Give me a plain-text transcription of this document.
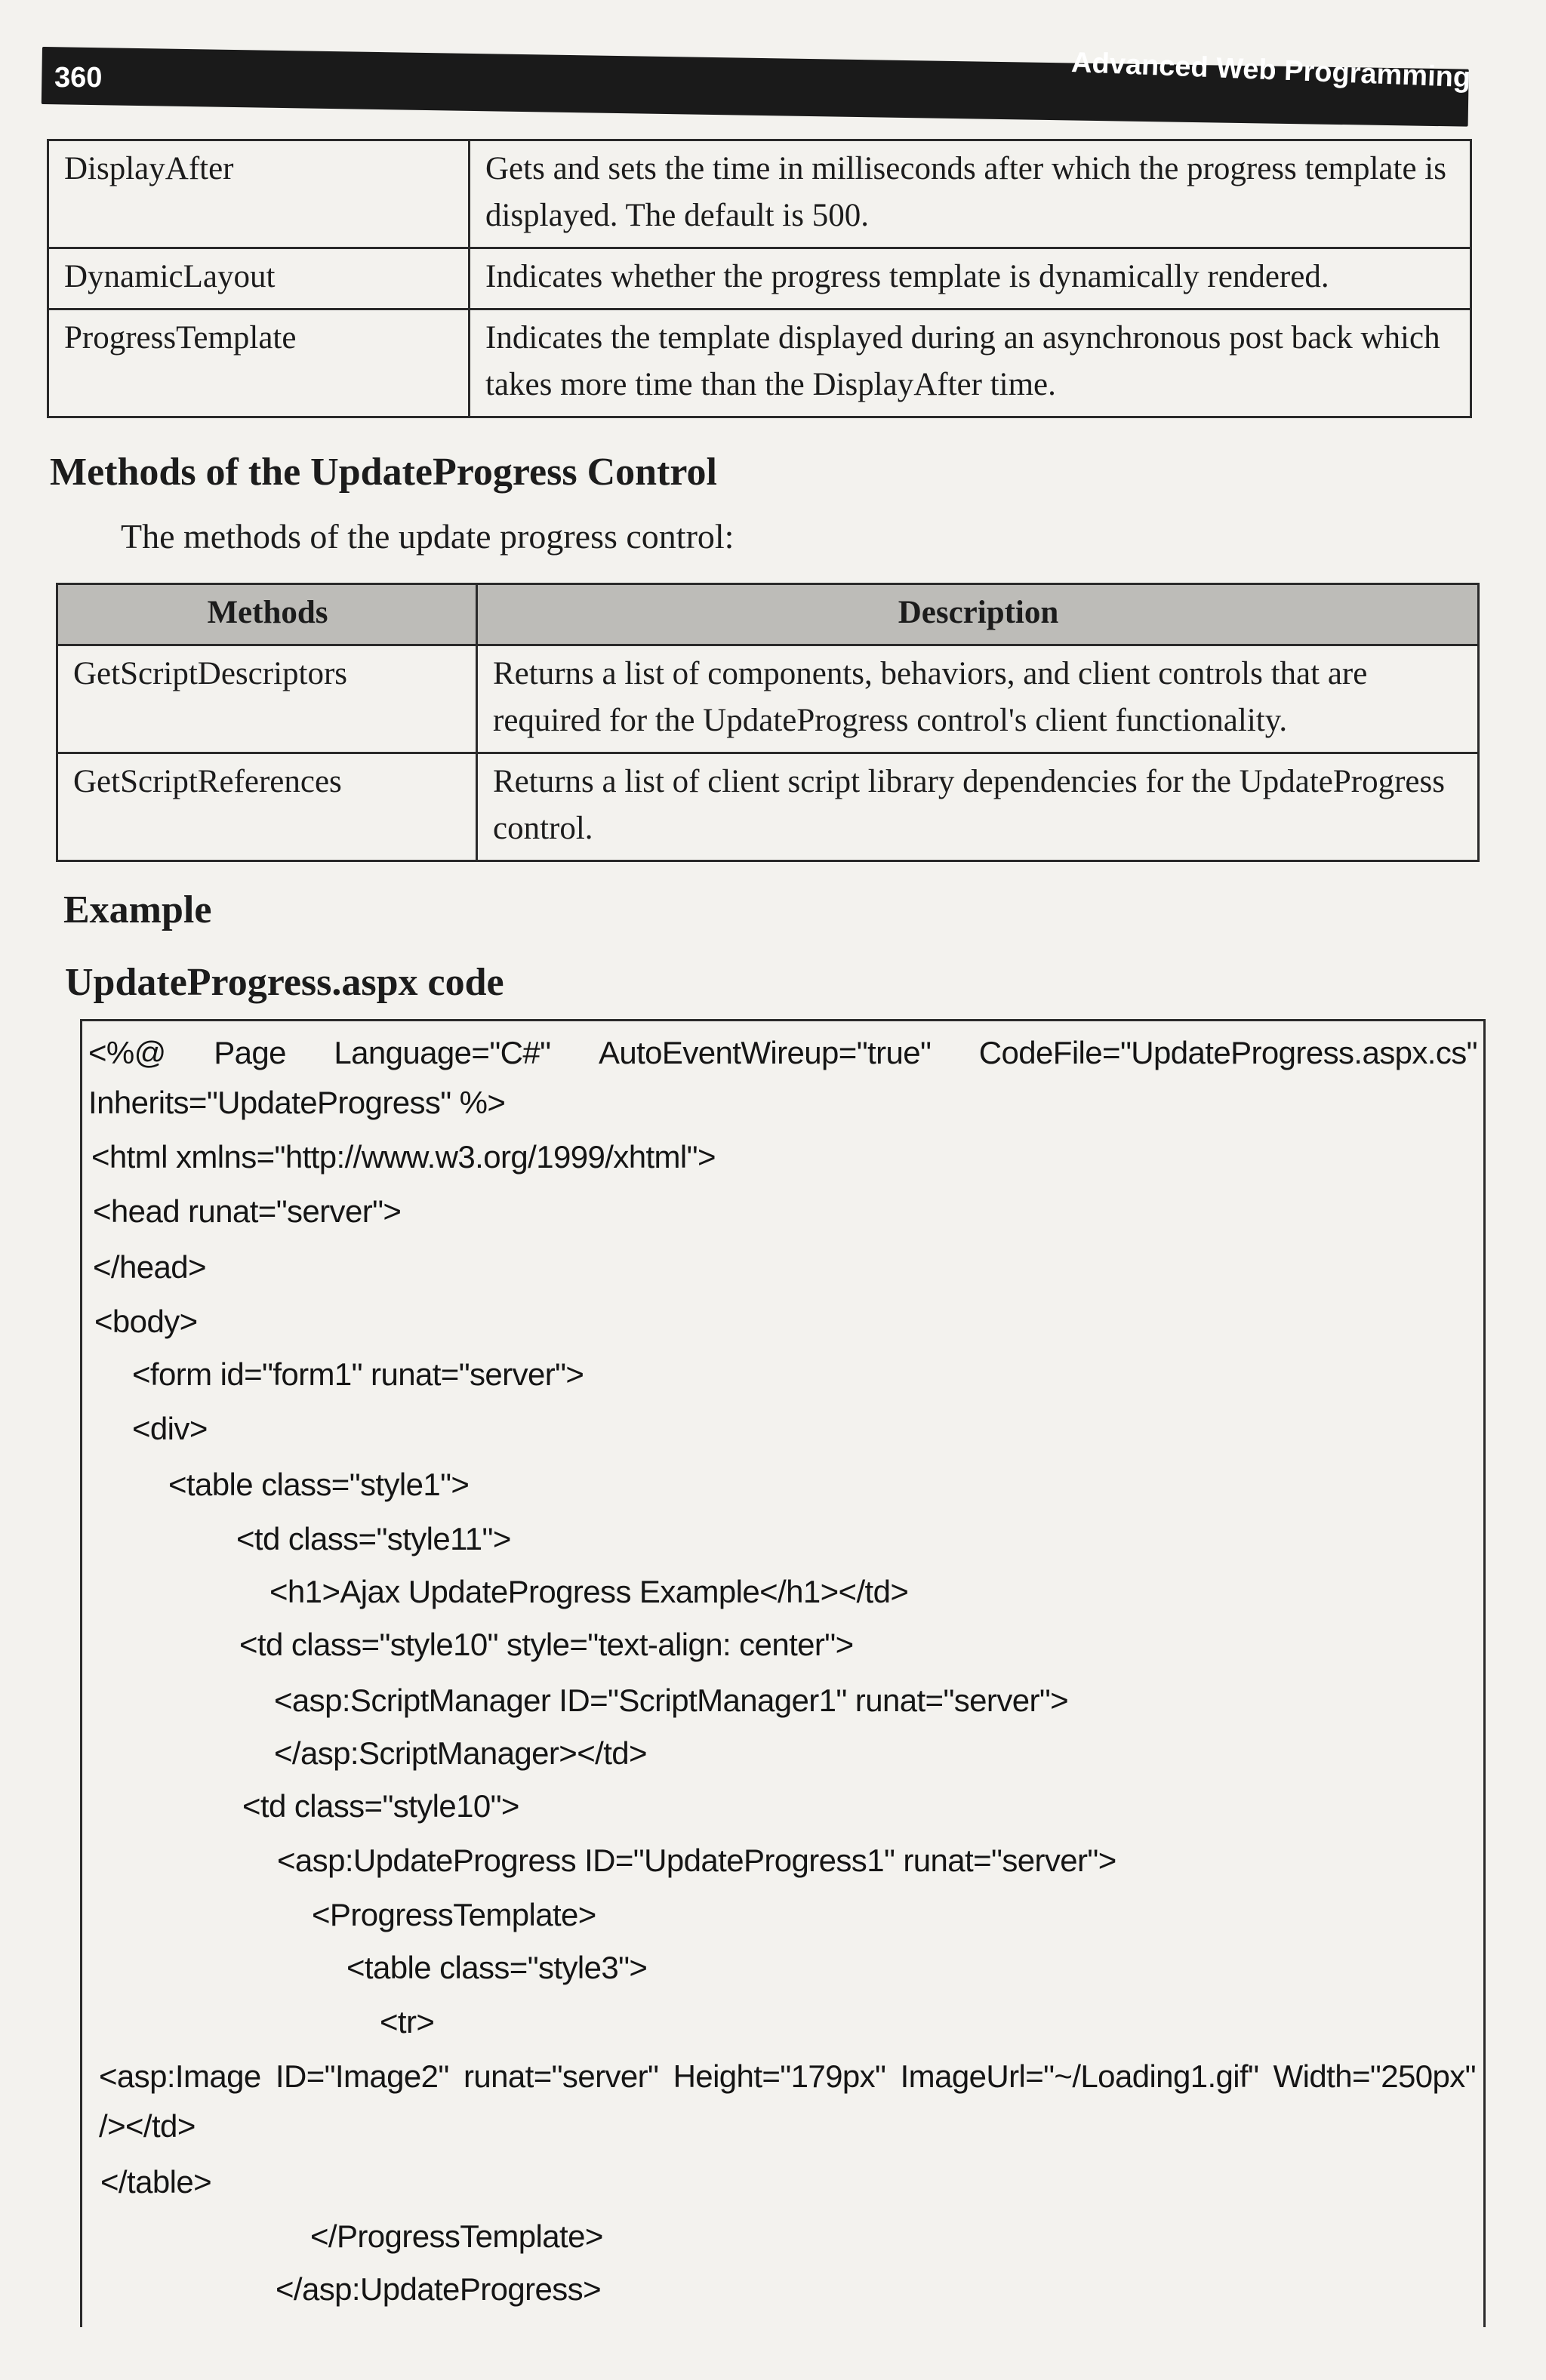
360	Advanced Web Programming
DisplayAfter	Gets and sets the time in milliseconds after which the progress template is displayed. The default is 500.
DynamicLayout	Indicates whether the progress template is dynamically rendered.
ProgressTemplate	Indicates the template displayed during an asynchronous post back which takes more time than the DisplayAfter time.
Methods of the UpdateProgress Control
The methods of the update progress control:
Methods	Description
GetScriptDescriptors	Returns a list of components, behaviors, and client controls that are required for the UpdateProgress control's client functionality.
GetScriptReferences	Returns a list of client script library dependencies for the UpdateProgress control.
Example
UpdateProgress.aspx code
<%@ Page Language="C#" AutoEventWireup="true" CodeFile="UpdateProgress.aspx.cs"
Inherits="UpdateProgress" %>
<html xmlns="http://www.w3.org/1999/xhtml">
<head runat="server">
</head>
<body>
<form id="form1" runat="server">
<div>
<table class="style1">
<td class="style11">
<h1>Ajax UpdateProgress Example</h1></td>
<td class="style10" style="text-align: center">
<asp:ScriptManager ID="ScriptManager1" runat="server">
</asp:ScriptManager></td>
<td class="style10">
<asp:UpdateProgress ID="UpdateProgress1" runat="server">
<ProgressTemplate>
<table class="style3">
<tr>
<asp:Image ID="Image2" runat="server" Height="179px" ImageUrl="~/Loading1.gif" Width="250px"
/></td>
</table>
</ProgressTemplate>
</asp:UpdateProgress>
